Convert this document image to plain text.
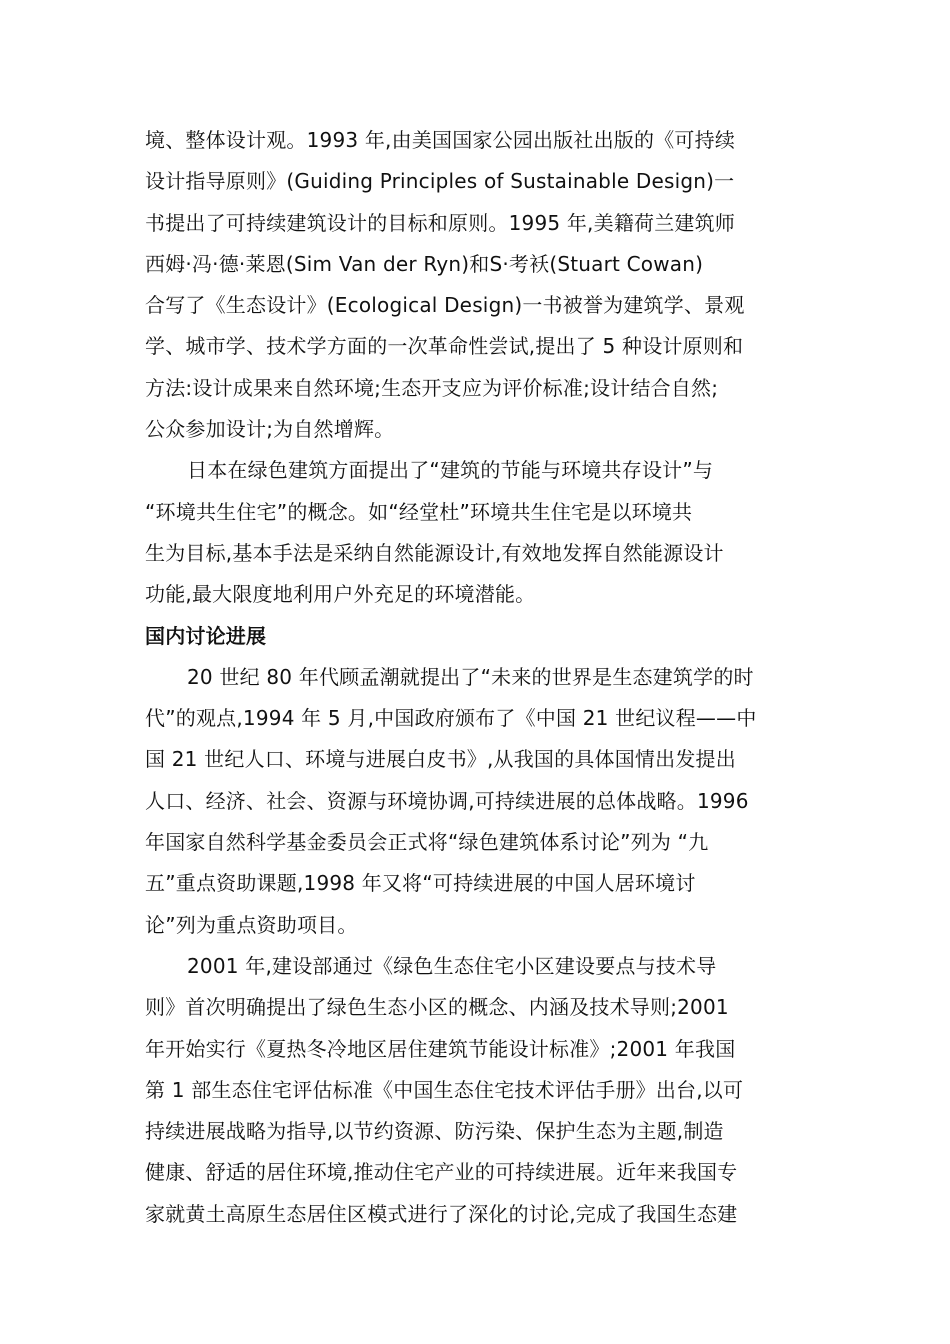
境、整体设计观。1993 年,由美国国家公园出版社出版的《可持续
设计指导原则》(Guiding Principles of Sustainable Design)一
书提出了可持续建筑设计的目标和原则。1995 年,美籍荷兰建筑师
西姆·冯·德·莱恩(Sim Van der Ryn)和S·考袄(Stuart Cowan)
合写了《生态设计》(Ecological Design)一书被誉为建筑学、景观
学、城市学、技术学方面的一次革命性尝试,提出了 5 种设计原则和
方法:设计成果来自然环境;生态开支应为评价标准;设计结合自然;
公众参加设计;为自然增辉。
日本在绿色建筑方面提出了“建筑的节能与环境共存设计”与
“环境共生住宅”的概念。如“经堂杜”环境共生住宅是以环境共
生为目标,基本手法是采纳自然能源设计,有效地发挥自然能源设计
功能,最大限度地利用户外充足的环境潜能。
国内讨论进展
20 世纪 80 年代顾孟潮就提出了“未来的世界是生态建筑学的时
代”的观点,1994 年 5 月,中国政府颁布了《中国 21 世纪议程——中
国 21 世纪人口、环境与进展白皮书》,从我国的具体国情出发提出
人口、经济、社会、资源与环境协调,可持续进展的总体战略。1996
年国家自然科学基金委员会正式将“绿色建筑体系讨论”列为 “九
五”重点资助课题,1998 年又将“可持续进展的中国人居环境讨
论”列为重点资助项目。
2001 年,建设部通过《绿色生态住宅小区建设要点与技术导
则》首次明确提出了绿色生态小区的概念、内涵及技术导则;2001
年开始实行《夏热冬冷地区居住建筑节能设计标准》;2001 年我国
第 1 部生态住宅评估标准《中国生态住宅技术评估手册》出台,以可
持续进展战略为指导,以节约资源、防污染、保护生态为主题,制造
健康、舒适的居住环境,推动住宅产业的可持续进展。近年来我国专
家就黄土高原生态居住区模式进行了深化的讨论,完成了我国生态建
